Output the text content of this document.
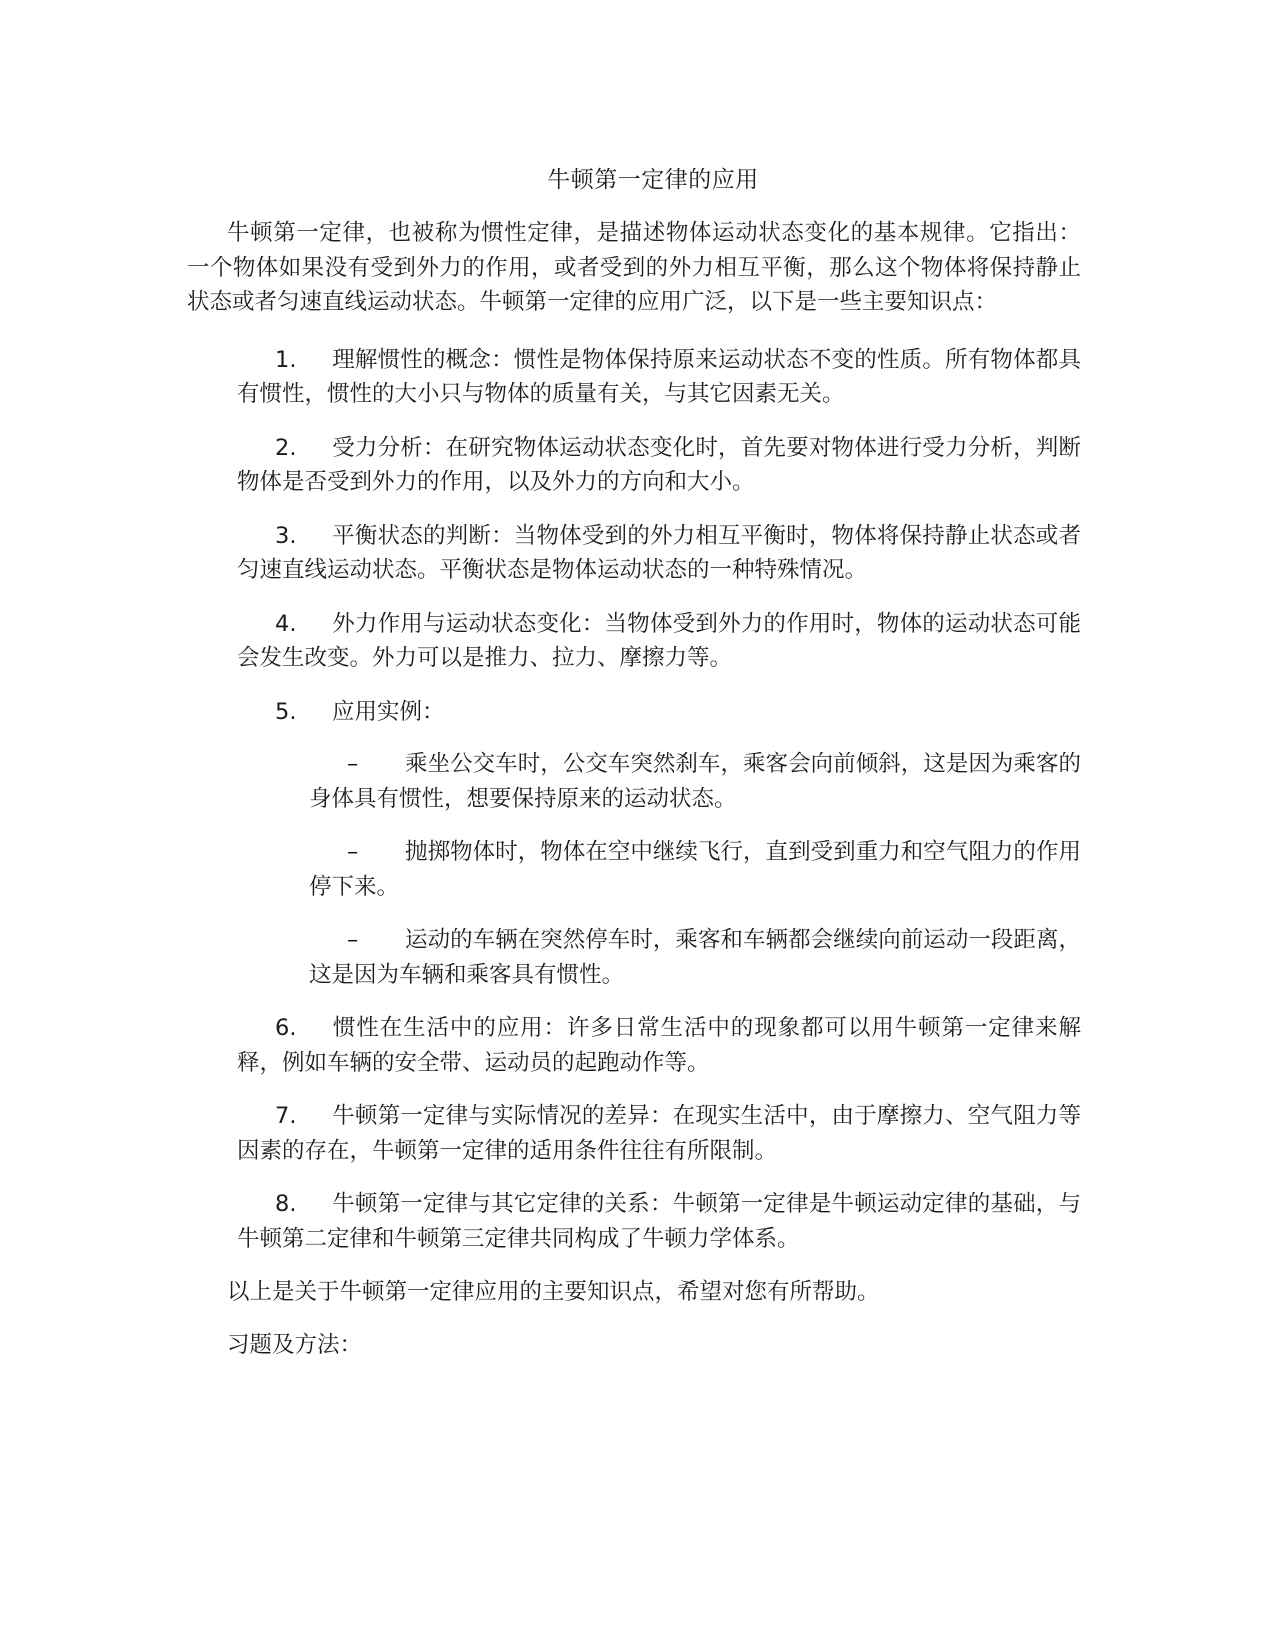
牛顿第一定律的应用

牛顿第一定律，也被称为惯性定律，是描述物体运动状态变化的基本规律。它指出：一个物体如果没有受到外力的作用，或者受到的外力相互平衡，那么这个物体将保持静止状态或者匀速直线运动状态。牛顿第一定律的应用广泛，以下是一些主要知识点：

1. 理解惯性的概念：惯性是物体保持原来运动状态不变的性质。所有物体都具有惯性，惯性的大小只与物体的质量有关，与其它因素无关。
2. 受力分析：在研究物体运动状态变化时，首先要对物体进行受力分析，判断物体是否受到外力的作用，以及外力的方向和大小。
3. 平衡状态的判断：当物体受到的外力相互平衡时，物体将保持静止状态或者匀速直线运动状态。平衡状态是物体运动状态的一种特殊情况。
4. 外力作用与运动状态变化：当物体受到外力的作用时，物体的运动状态可能会发生改变。外力可以是推力、拉力、摩擦力等。
5. 应用实例：
– 乘坐公交车时，公交车突然刹车，乘客会向前倾斜，这是因为乘客的身体具有惯性，想要保持原来的运动状态。
– 抛掷物体时，物体在空中继续飞行，直到受到重力和空气阻力的作用停下来。
– 运动的车辆在突然停车时，乘客和车辆都会继续向前运动一段距离，这是因为车辆和乘客具有惯性。
6. 惯性在生活中的应用：许多日常生活中的现象都可以用牛顿第一定律来解释，例如车辆的安全带、运动员的起跑动作等。
7. 牛顿第一定律与实际情况的差异：在现实生活中，由于摩擦力、空气阻力等因素的存在，牛顿第一定律的适用条件往往有所限制。
8. 牛顿第一定律与其它定律的关系：牛顿第一定律是牛顿运动定律的基础，与牛顿第二定律和牛顿第三定律共同构成了牛顿力学体系。

以上是关于牛顿第一定律应用的主要知识点，希望对您有所帮助。

习题及方法：
